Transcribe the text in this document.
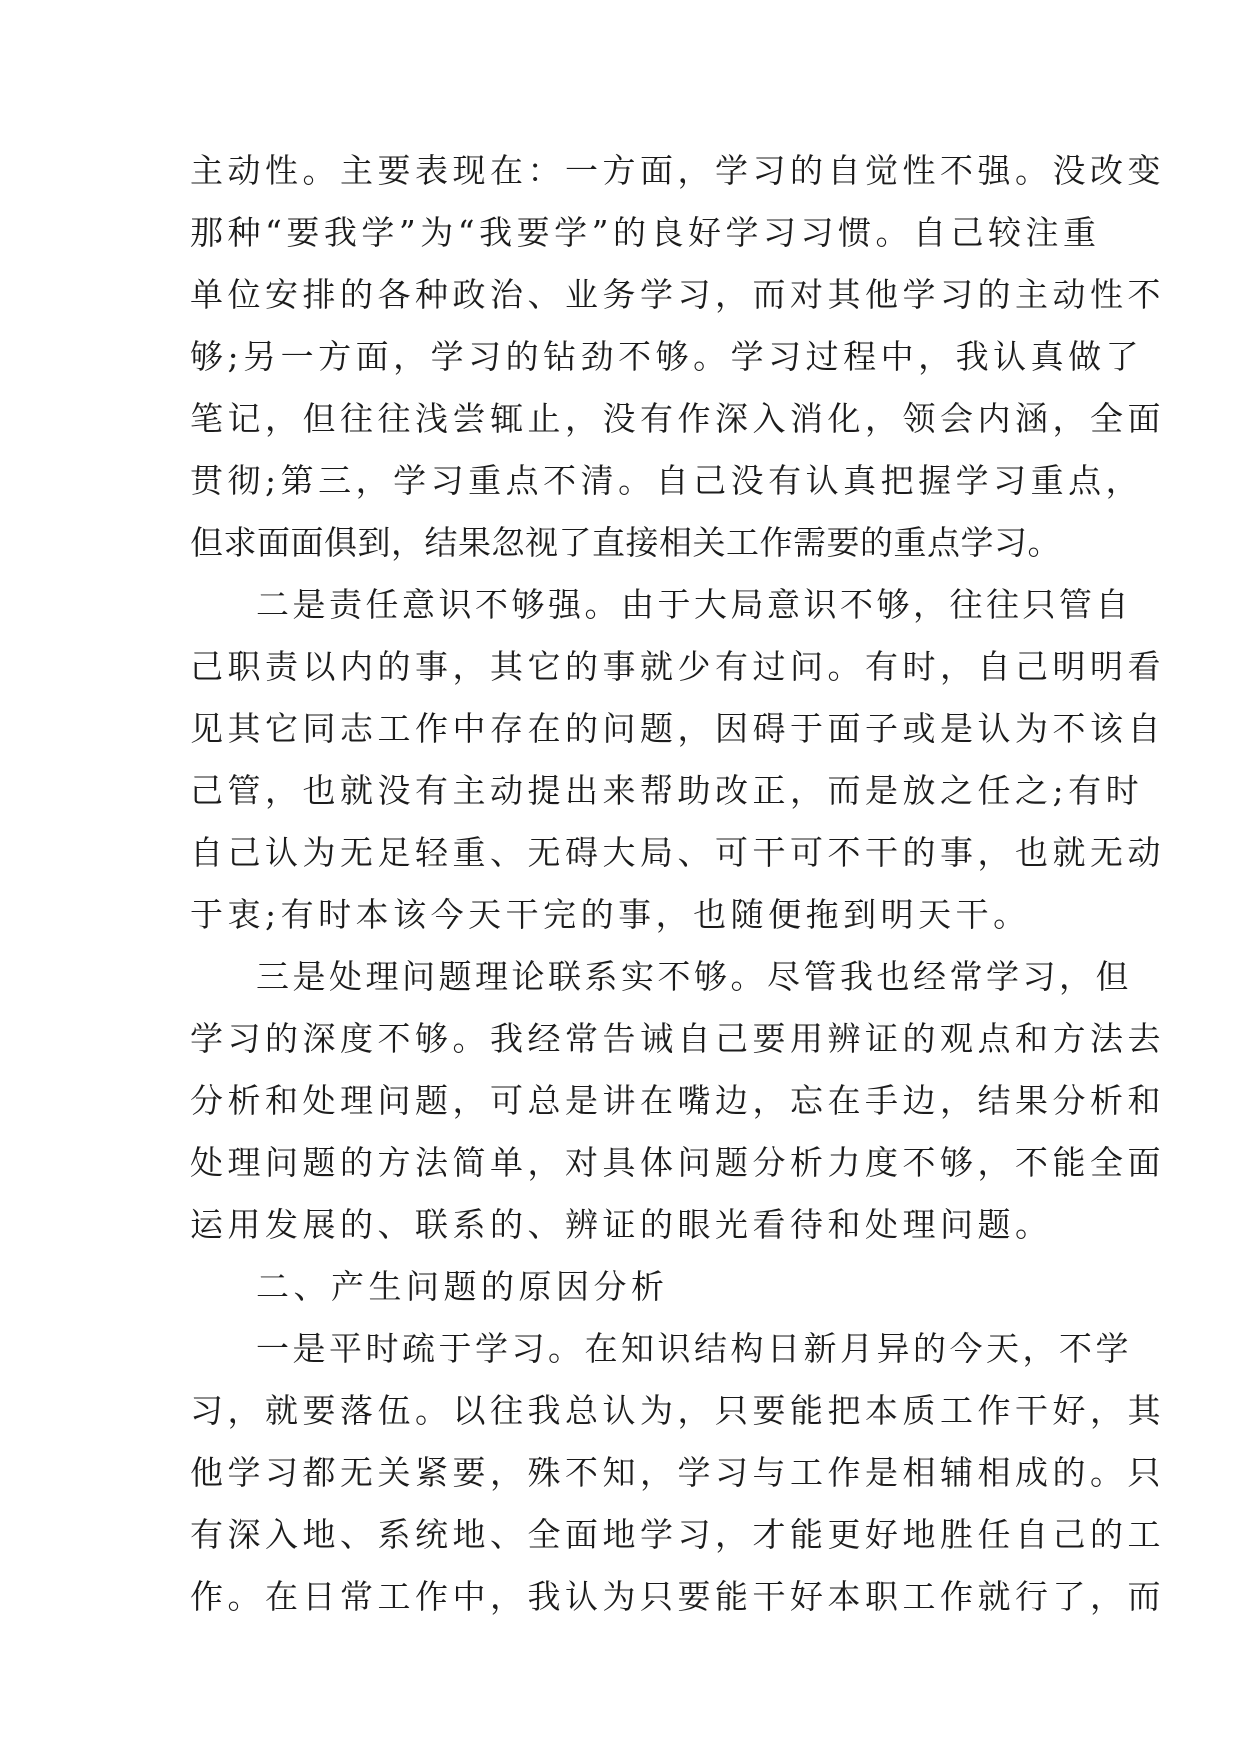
主动性。主要表现在：一方面，学习的自觉性不强。没改变
那种“要我学”为“我要学”的良好学习习惯。自己较注重
单位安排的各种政治、业务学习，而对其他学习的主动性不
够;另一方面，学习的钻劲不够。学习过程中，我认真做了
笔记，但往往浅尝辄止，没有作深入消化，领会内涵，全面
贯彻;第三，学习重点不清。自己没有认真把握学习重点，
但求面面俱到，结果忽视了直接相关工作需要的重点学习。
二是责任意识不够强。由于大局意识不够，往往只管自
己职责以内的事，其它的事就少有过问。有时，自己明明看
见其它同志工作中存在的问题，因碍于面子或是认为不该自
己管，也就没有主动提出来帮助改正，而是放之任之;有时
自己认为无足轻重、无碍大局、可干可不干的事，也就无动
于衷;有时本该今天干完的事，也随便拖到明天干。
三是处理问题理论联系实不够。尽管我也经常学习，但
学习的深度不够。我经常告诫自己要用辨证的观点和方法去
分析和处理问题，可总是讲在嘴边，忘在手边，结果分析和
处理问题的方法简单，对具体问题分析力度不够，不能全面
运用发展的、联系的、辨证的眼光看待和处理问题。
二、产生问题的原因分析
一是平时疏于学习。在知识结构日新月异的今天，不学
习，就要落伍。以往我总认为，只要能把本质工作干好，其
他学习都无关紧要，殊不知，学习与工作是相辅相成的。只
有深入地、系统地、全面地学习，才能更好地胜任自己的工
作。在日常工作中，我认为只要能干好本职工作就行了，而
